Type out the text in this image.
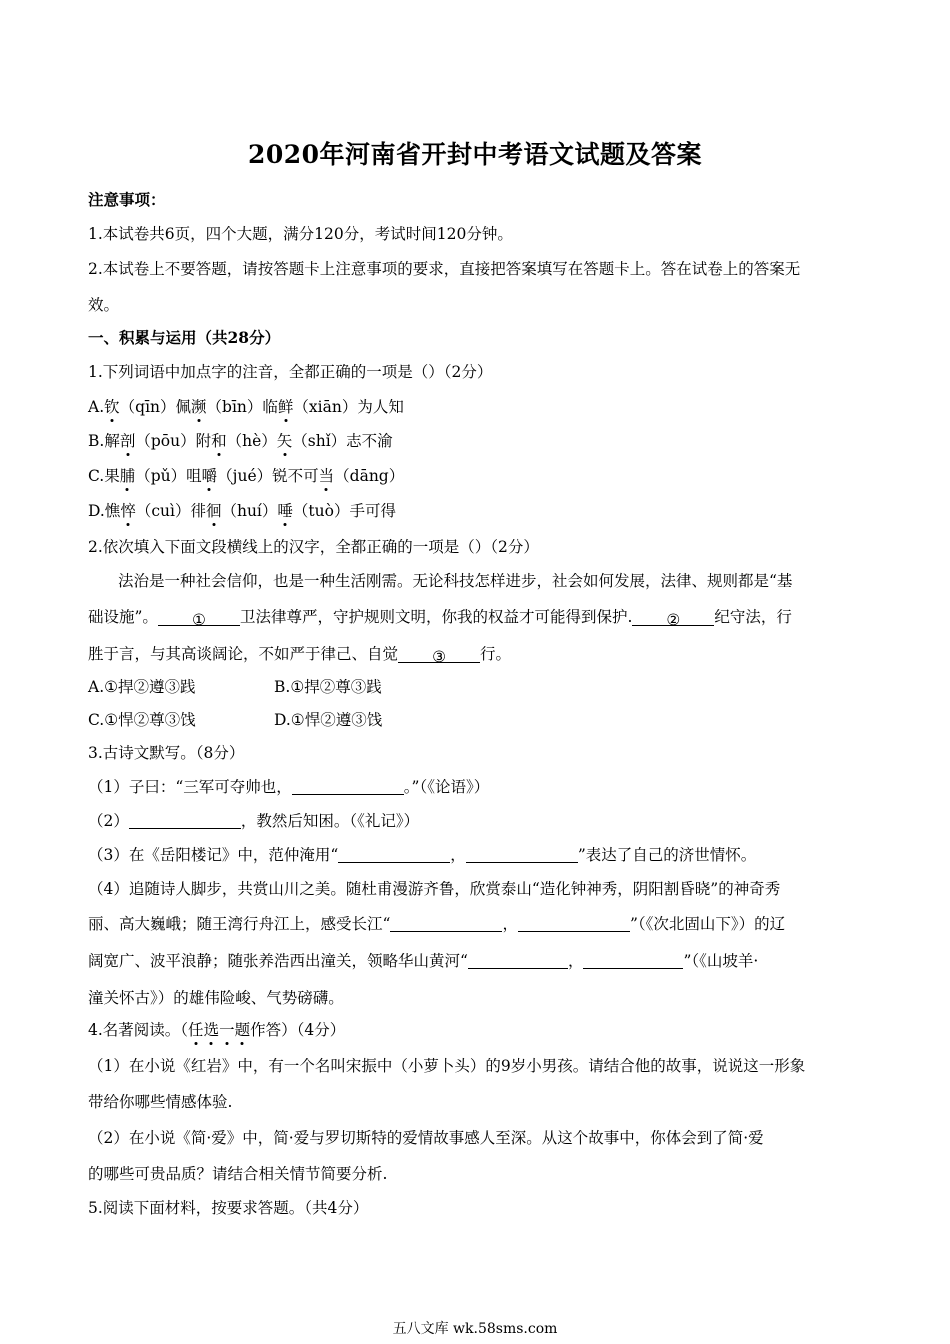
2020年河南省开封中考语文试题及答案
注意事项：
1.本试卷共6页，四个大题，满分120分，考试时间120分钟。
2.本试卷上不要答题，请按答题卡上注意事项的要求，直接把答案填写在答题卡上。答在试卷上的答案无
效。
一、积累与运用（共28分）
1.下列词语中加点字的注音，全都正确的一项是（）（2分）
A.钦（qīn）佩濒（bīn）临鲜（xiān）为人知
B.解剖（pōu）附和（hè）矢（shǐ）志不渝
C.果脯（pǔ）咀嚼（jué）锐不可当（dāng）
D.憔悴（cuì）徘徊（huí）唾（tuò）手可得
2.依次填入下面文段横线上的汉字，全都正确的一项是（）（2分）
法治是一种社会信仰，也是一种生活刚需。无论科技怎样进步，社会如何发展，法律、规则都是“基
础设施”。 ① 卫法律尊严，守护规则文明，你我的权益才可能得到保护. ② 纪守法，行
胜于言，与其高谈阔论，不如严于律己、自觉 ③ 行。
A.①捍②遵③践	B.①捍②尊③践
C.①悍②尊③饯	D.①悍②遵③饯
3.古诗文默写。（8分）
（1）子曰：“三军可夺帅也，	。”（《论语》）
（2）	，教然后知困。（《礼记》）
（3）在《岳阳楼记》中，范仲淹用“	，	”表达了自己的济世情怀。
（4）追随诗人脚步，共赏山川之美。随杜甫漫游齐鲁，欣赏泰山“造化钟神秀，阴阳割昏晓”的神奇秀
丽、高大巍峨；随王湾行舟江上，感受长江“	，	”（《次北固山下》）的辽
阔宽广、波平浪静；随张养浩西出潼关，领略华山黄河“	，	”（《山坡羊·
潼关怀古》）的雄伟险峻、气势磅礴。
4.名著阅读。（任选一题作答）（4分）
（1）在小说《红岩》中，有一个名叫宋振中（小萝卜头）的9岁小男孩。请结合他的故事，说说这一形象
带给你哪些情感体验.
（2）在小说《简·爱》中，简·爱与罗切斯特的爱情故事感人至深。从这个故事中，你体会到了简·爱
的哪些可贵品质？请结合相关情节简要分析.
5.阅读下面材料，按要求答题。（共4分）
五八文库 wk.58sms.com
